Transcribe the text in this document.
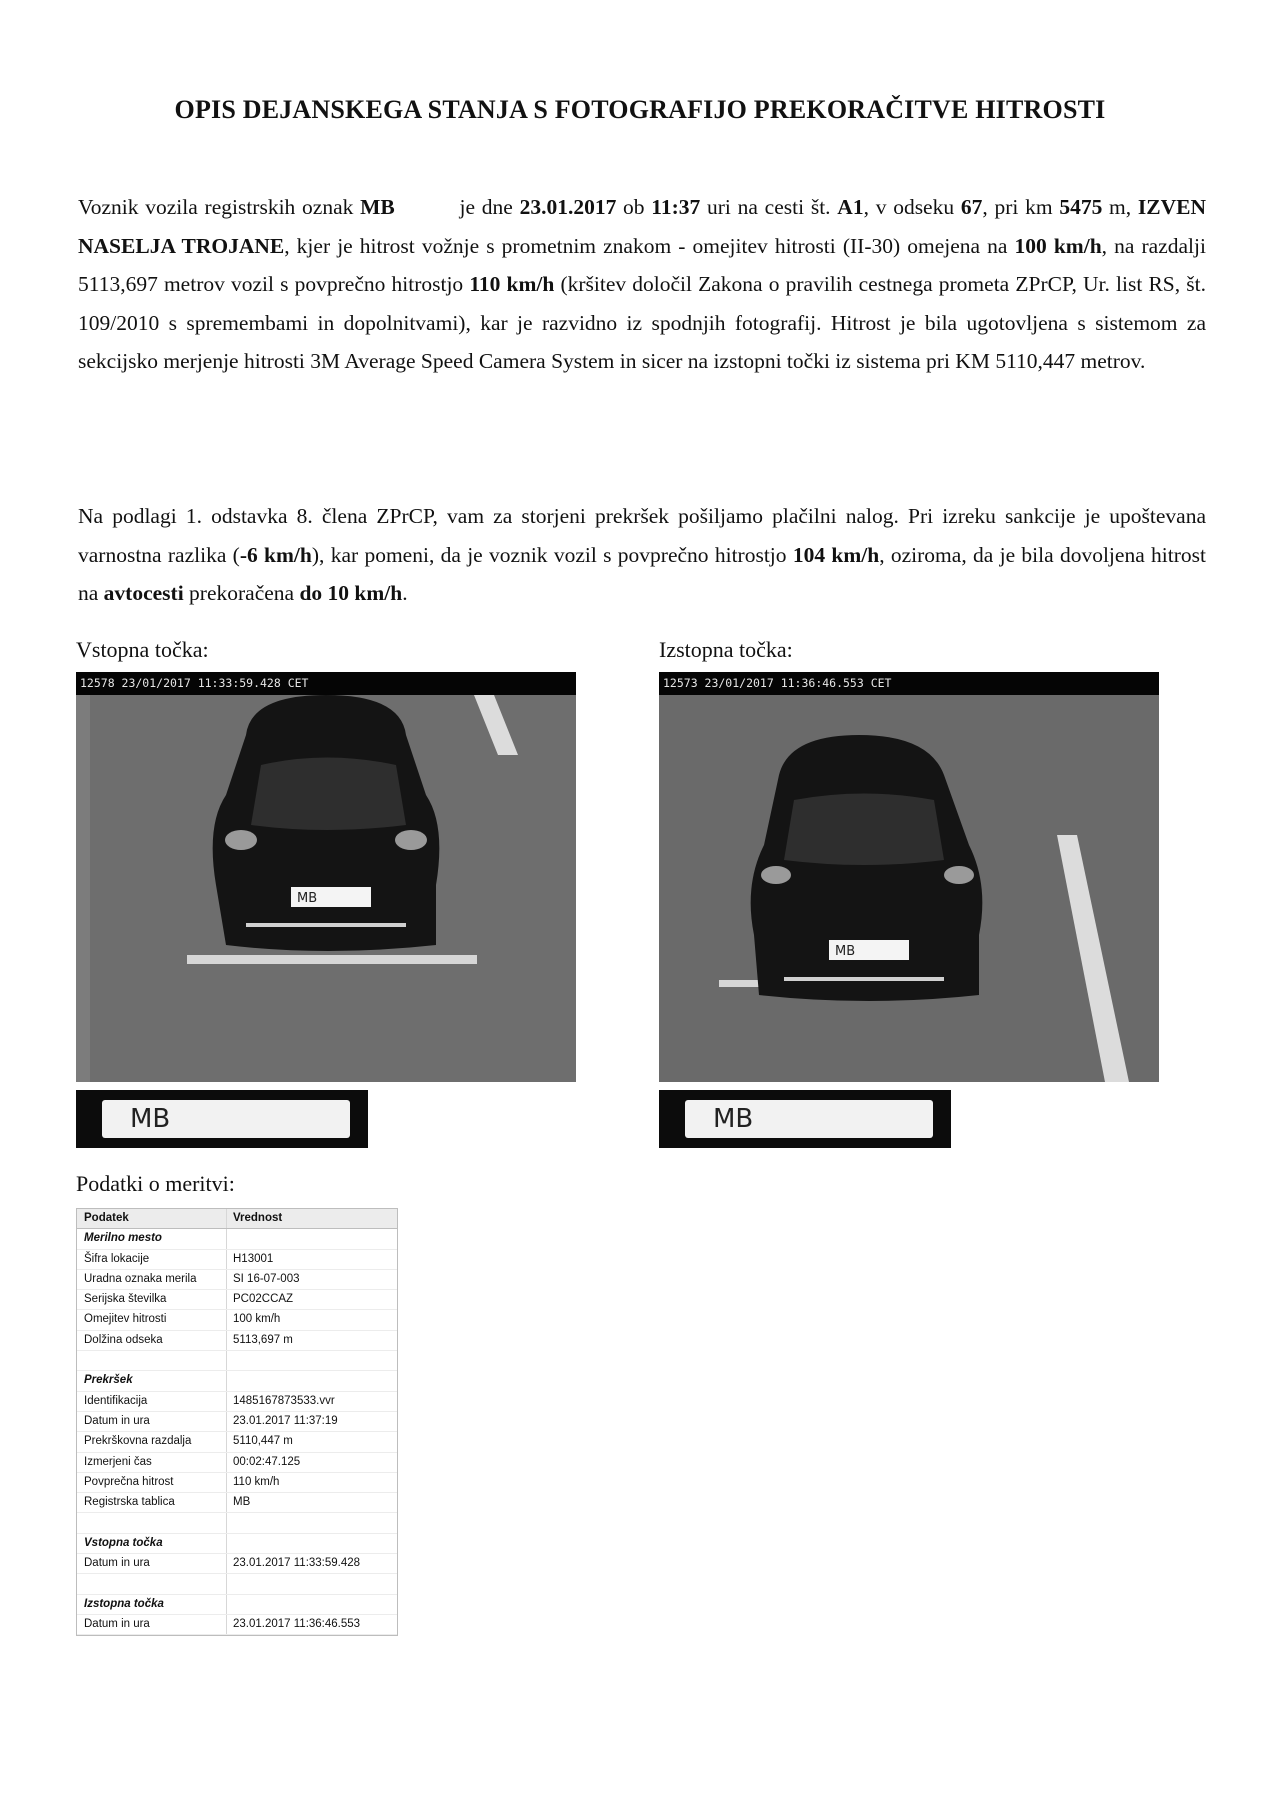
OPIS DEJANSKEGA STANJA S FOTOGRAFIJO PREKORAČITVE HITROSTI
Voznik vozila registrskih oznak MB	je dne 23.01.2017 ob 11:37 uri na cesti št. A1, v odseku 67, pri km 5475 m, IZVEN NASELJA TROJANE, kjer je hitrost vožnje s prometnim znakom - omejitev hitrosti (II-30) omejena na 100 km/h, na razdalji 5113,697 metrov vozil s povprečno hitrostjo 110 km/h (kršitev določil Zakona o pravilih cestnega prometa ZPrCP, Ur. list RS, št. 109/2010 s spremembami in dopolnitvami), kar je razvidno iz spodnjih fotografij. Hitrost je bila ugotovljena s sistemom za sekcijsko merjenje hitrosti 3M Average Speed Camera System in sicer na izstopni točki iz sistema pri KM 5110,447 metrov.
Na podlagi 1. odstavka 8. člena ZPrCP, vam za storjeni prekršek pošiljamo plačilni nalog. Pri izreku sankcije je upoštevana varnostna razlika (-6 km/h), kar pomeni, da je voznik vozil s povprečno hitrostjo 104 km/h, oziroma, da je bila dovoljena hitrost na avtocesti prekoračena do 10 km/h.
Vstopna točka:
12578 23/01/2017 11:33:59.428 CET
MB
MB
Izstopna točka:
12573 23/01/2017 11:36:46.553 CET
MB
MB
Podatki o meritvi:
Podatek	Vrednost
Merilno mesto
Šifra lokacije	H13001
Uradna oznaka merila	SI 16-07-003
Serijska številka	PC02CCAZ
Omejitev hitrosti	100 km/h
Dolžina odseka	5113,697 m
Prekršek
Identifikacija	1485167873533.vvr
Datum in ura	23.01.2017 11:37:19
Prekrškovna razdalja	5110,447 m
Izmerjeni čas	00:02:47.125
Povprečna hitrost	110 km/h
Registrska tablica	MB
Vstopna točka
Datum in ura	23.01.2017 11:33:59.428
Izstopna točka
Datum in ura	23.01.2017 11:36:46.553
